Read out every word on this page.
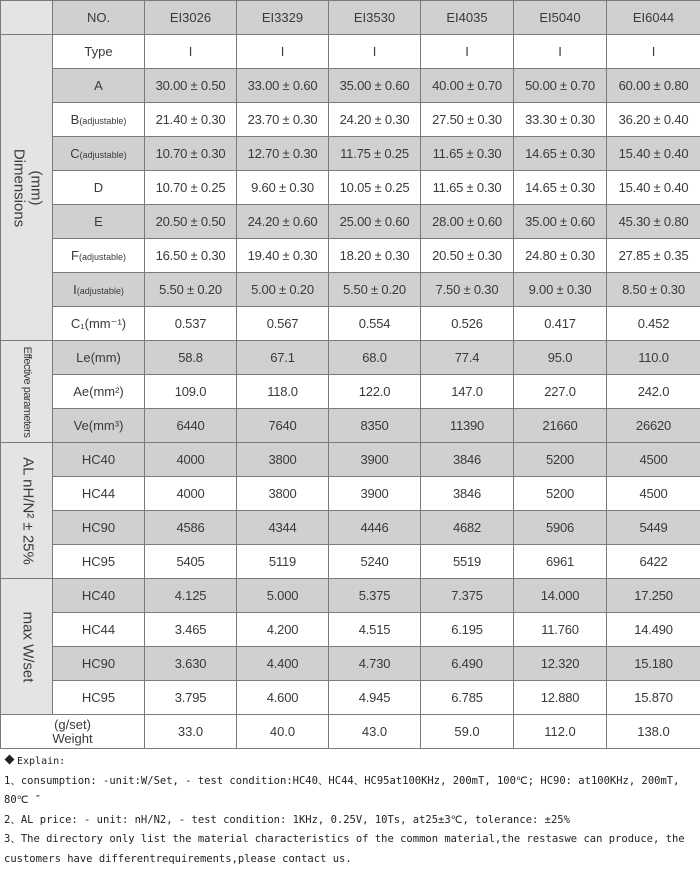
	NO.	EI3026	EI3329	EI3530	EI4035	EI5040	EI6044

(mm)
Dimensions	Type	I	I	I	I	I	I
	A	30.00 ± 0.50	33.00 ± 0.60	35.00 ± 0.60	40.00 ± 0.70	50.00 ± 0.70	60.00 ± 0.80
	B(adjustable)	21.40 ± 0.30	23.70 ± 0.30	24.20 ± 0.30	27.50 ± 0.30	33.30 ± 0.30	36.20 ± 0.40
	C(adjustable)	10.70 ± 0.30	12.70 ± 0.30	11.75 ± 0.25	11.65 ± 0.30	14.65 ± 0.30	15.40 ± 0.40
	D	10.70 ± 0.25	9.60 ± 0.30	10.05 ± 0.25	11.65 ± 0.30	14.65 ± 0.30	15.40 ± 0.40
	E	20.50 ± 0.50	24.20 ± 0.60	25.00 ± 0.60	28.00 ± 0.60	35.00 ± 0.60	45.30 ± 0.80
	F(adjustable)	16.50 ± 0.30	19.40 ± 0.30	18.20 ± 0.30	20.50 ± 0.30	24.80 ± 0.30	27.85 ± 0.35
	I(adjustable)	5.50 ± 0.20	5.00 ± 0.20	5.50 ± 0.20	7.50 ± 0.30	9.00 ± 0.30	8.50 ± 0.30
	C₁(mm⁻¹)	0.537	0.567	0.554	0.526	0.417	0.452

Effective parameters	Le(mm)	58.8	67.1	68.0	77.4	95.0	110.0
	Ae(mm²)	109.0	118.0	122.0	147.0	227.0	242.0
	Ve(mm³)	6440	7640	8350	11390	21660	26620

AL nH/N² ± 25%	HC40	4000	3800	3900	3846	5200	4500
	HC44	4000	3800	3900	3846	5200	4500
	HC90	4586	4344	4446	4682	5906	5449
	HC95	5405	5119	5240	5519	6961	6422

max W/set	HC40	4.125	5.000	5.375	7.375	14.000	17.250
	HC44	3.465	4.200	4.515	6.195	11.760	14.490
	HC90	3.630	4.400	4.730	6.490	12.320	15.180
	HC95	3.795	4.600	4.945	6.785	12.880	15.870

(g/set)
Weight		33.0	40.0	43.0	59.0	112.0	138.0
Explain:
1、consumption: -unit:W/Set, - test condition:HC40、HC44、HC95at100KHz, 200mT, 100℃; HC90: at100KHz, 200mT, 80℃ ″
2、AL price: - unit: nH/N2, - test condition: 1KHz, 0.25V, 10Ts, at25±3℃, tolerance: ±25%
3、The directory only list the material characteristics of the common material,the restaswe can produce, the customers have differentrequirements,please contact us.
